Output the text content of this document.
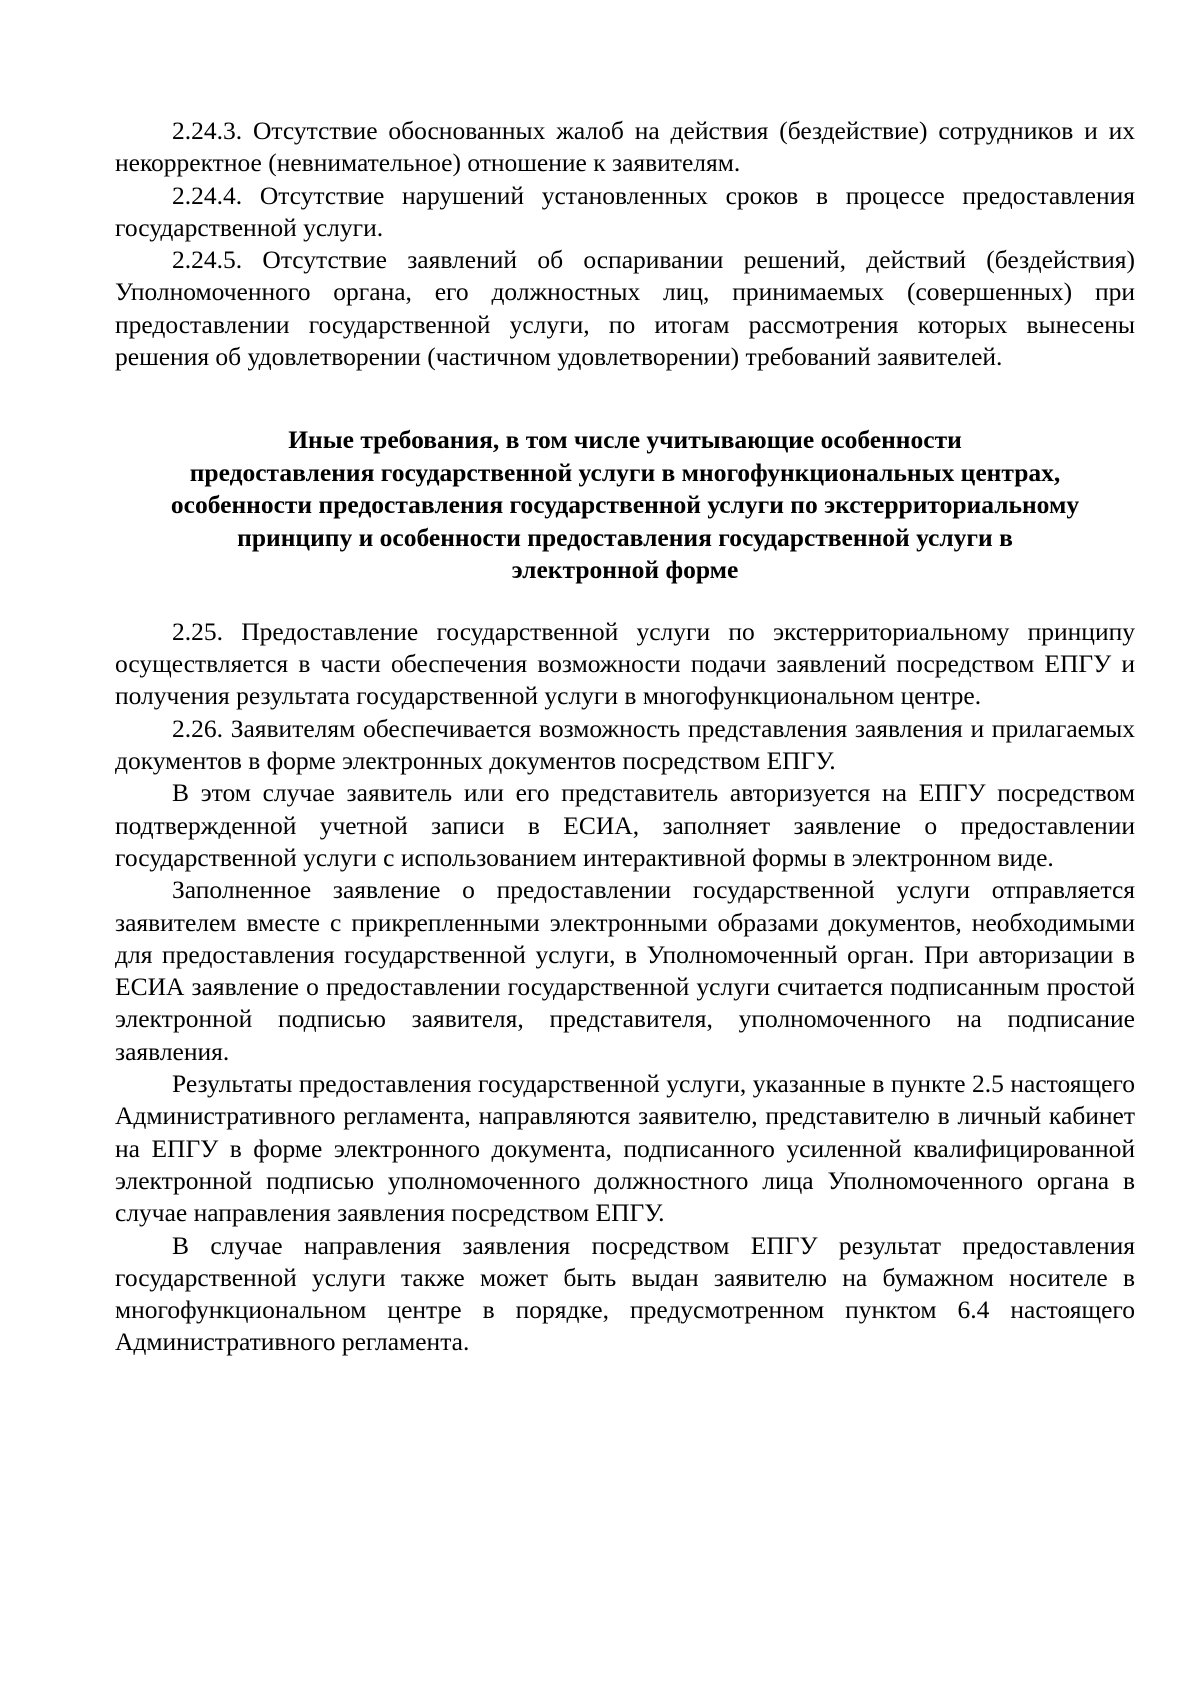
2.24.3. Отсутствие обоснованных жалоб на действия (бездействие) сотрудников и их некорректное (невнимательное) отношение к заявителям.

2.24.4. Отсутствие нарушений установленных сроков в процессе предоставления государственной услуги.

2.24.5. Отсутствие заявлений об оспаривании решений, действий (бездействия) Уполномоченного органа, его должностных лиц, принимаемых (совершенных) при предоставлении государственной услуги, по итогам рассмотрения которых вынесены решения об удовлетворении (частичном удовлетворении) требований заявителей.

Иные требования, в том числе учитывающие особенности
предоставления государственной услуги в многофункциональных центрах,
особенности предоставления государственной услуги по экстерриториальному
принципу и особенности предоставления государственной услуги в
электронной форме

2.25. Предоставление государственной услуги по экстерриториальному принципу осуществляется в части обеспечения возможности подачи заявлений посредством ЕПГУ и получения результата государственной услуги в многофункциональном центре.

2.26. Заявителям обеспечивается возможность представления заявления и прилагаемых документов в форме электронных документов посредством ЕПГУ.

В этом случае заявитель или его представитель авторизуется на ЕПГУ посредством подтвержденной учетной записи в ЕСИА, заполняет заявление о предоставлении государственной услуги с использованием интерактивной формы в электронном виде.

Заполненное заявление о предоставлении государственной услуги отправляется заявителем вместе с прикрепленными электронными образами документов, необходимыми для предоставления государственной услуги, в Уполномоченный орган. При авторизации в ЕСИА заявление о предоставлении государственной услуги считается подписанным простой электронной подписью заявителя, представителя, уполномоченного на подписание заявления.

Результаты предоставления государственной услуги, указанные в пункте 2.5 настоящего Административного регламента, направляются заявителю, представителю в личный кабинет на ЕПГУ в форме электронного документа, подписанного усиленной квалифицированной электронной подписью уполномоченного должностного лица Уполномоченного органа в случае направления заявления посредством ЕПГУ.

В случае направления заявления посредством ЕПГУ результат предоставления государственной услуги также может быть выдан заявителю на бумажном носителе в многофункциональном центре в порядке, предусмотренном пунктом 6.4 настоящего Административного регламента.
